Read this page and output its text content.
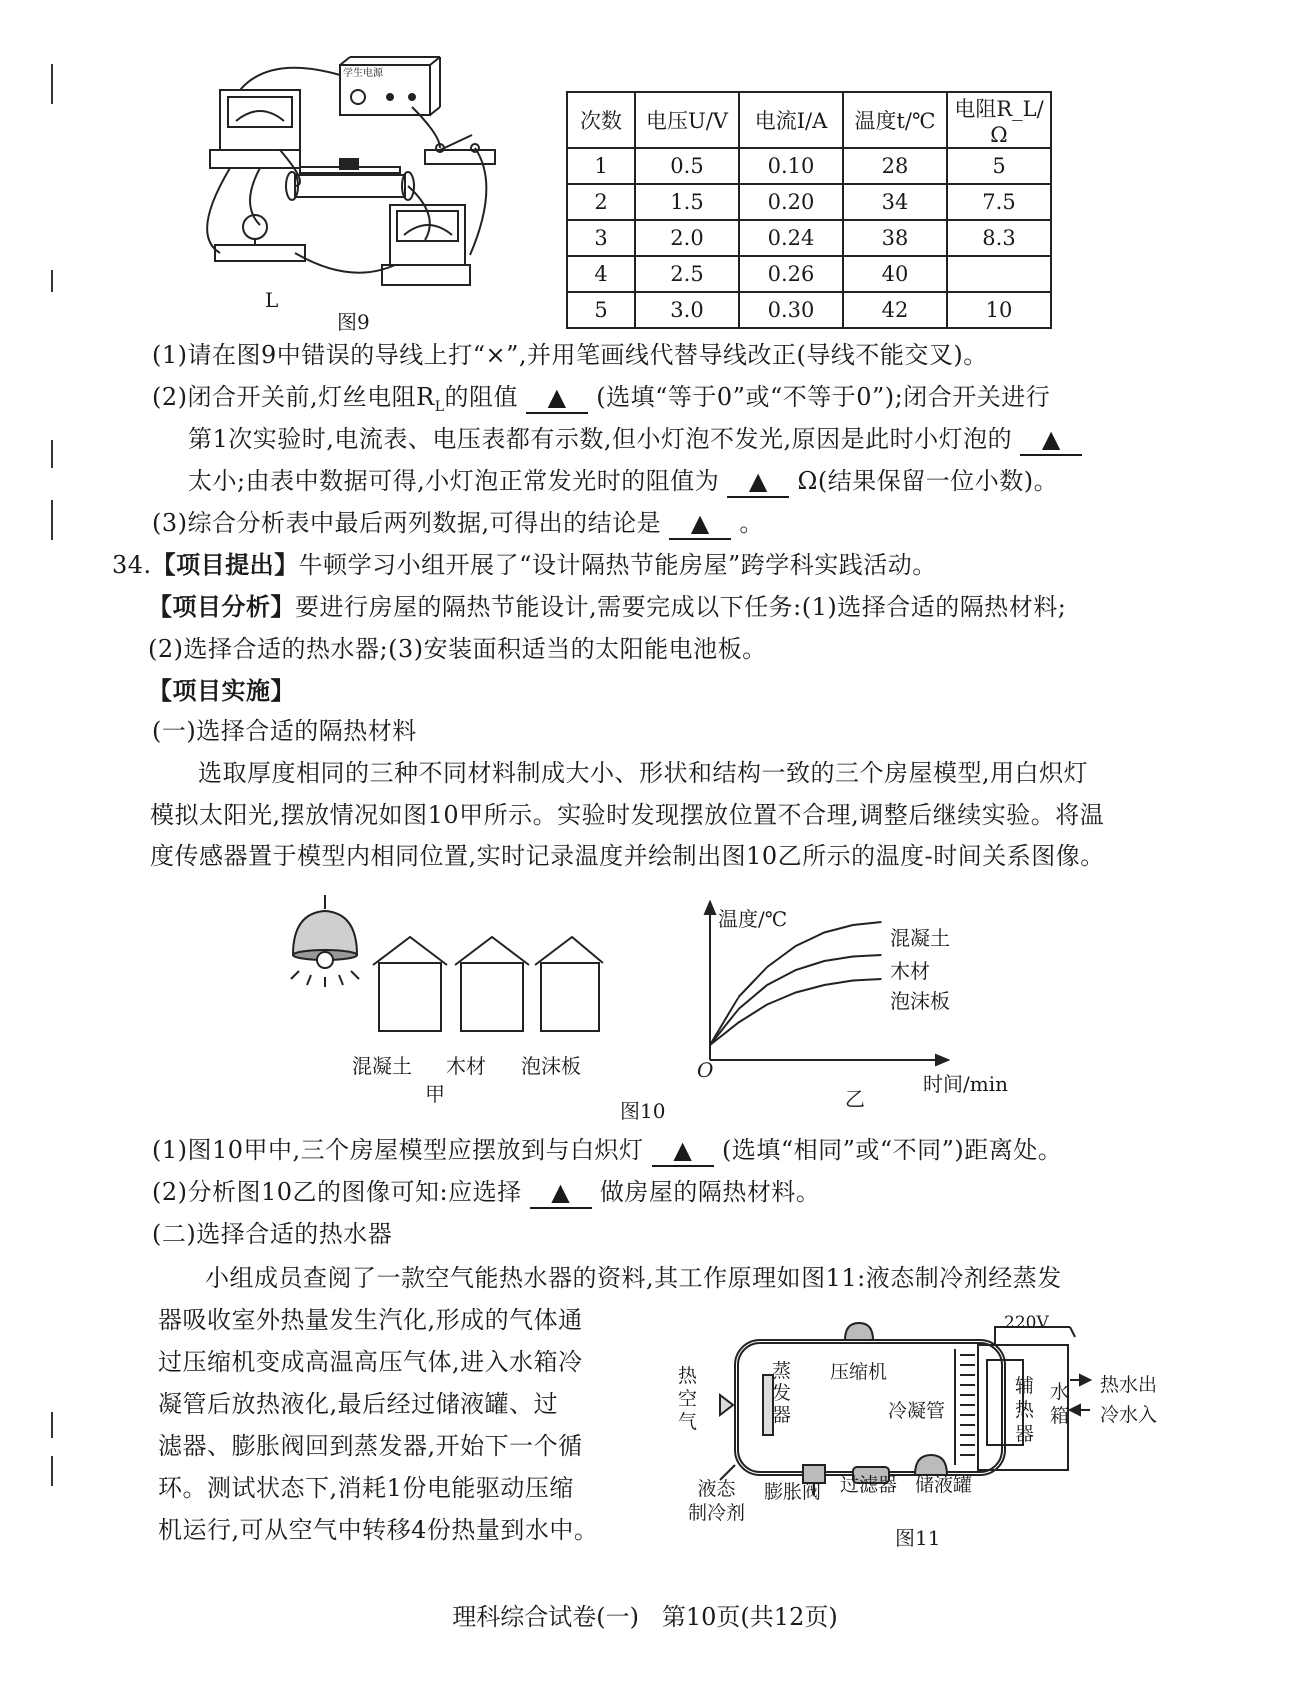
学生电源
L
图9
次数	电压U/V	电流I/A	温度t/℃	电阻R_L/Ω
1	0.5	0.10	28	5
2	1.5	0.20	34	7.5
3	2.0	0.24	38	8.3
4	2.5	0.26	40	
5	3.0	0.30	42	10
(1)请在图9中错误的导线上打“×”,并用笔画线代替导线改正(导线不能交叉)。
(2)闭合开关前,灯丝电阻$R_L$的阻值 ▲ (选填“等于0”或“不等于0”);闭合开关进行
第1次实验时,电流表、电压表都有示数,但小灯泡不发光,原因是此时小灯泡的 ▲
太小;由表中数据可得,小灯泡正常发光时的阻值为 ▲ Ω(结果保留一位小数)。
(3)综合分析表中最后两列数据,可得出的结论是 ▲ 。
34.【项目提出】牛顿学习小组开展了“设计隔热节能房屋”跨学科实践活动。
【项目分析】要进行房屋的隔热节能设计,需要完成以下任务:(1)选择合适的隔热材料;
(2)选择合适的热水器;(3)安装面积适当的太阳能电池板。
【项目实施】
(一)选择合适的隔热材料
选取厚度相同的三种不同材料制成大小、形状和结构一致的三个房屋模型,用白炽灯
模拟太阳光,摆放情况如图10甲所示。实验时发现摆放位置不合理,调整后继续实验。将温
度传感器置于模型内相同位置,实时记录温度并绘制出图10乙所示的温度-时间关系图像。
混凝土 木材 泡沫板
甲
图10
温度/℃
O
时间/min
混凝土
木材
泡沫板
乙
(1)图10甲中,三个房屋模型应摆放到与白炽灯 ▲ (选填“相同”或“不同”)距离处。
(2)分析图10乙的图像可知:应选择 ▲ 做房屋的隔热材料。
(二)选择合适的热水器
小组成员查阅了一款空气能热水器的资料,其工作原理如图11:液态制冷剂经蒸发
器吸收室外热量发生汽化,形成的气体通
过压缩机变成高温高压气体,进入水箱冷
凝管后放热液化,最后经过储液罐、过
滤器、膨胀阀回到蒸发器,开始下一个循
环。测试状态下,消耗1份电能驱动压缩
机运行,可从空气中转移4份热量到水中。
220V
压缩机
冷凝管
热水出
冷水入
膨胀阀 过滤器 储液罐
热
空
气
蒸
发
器
辅
热
器
水
箱
液态
制冷剂
图11
理科综合试卷(一)   第10页(共12页)
